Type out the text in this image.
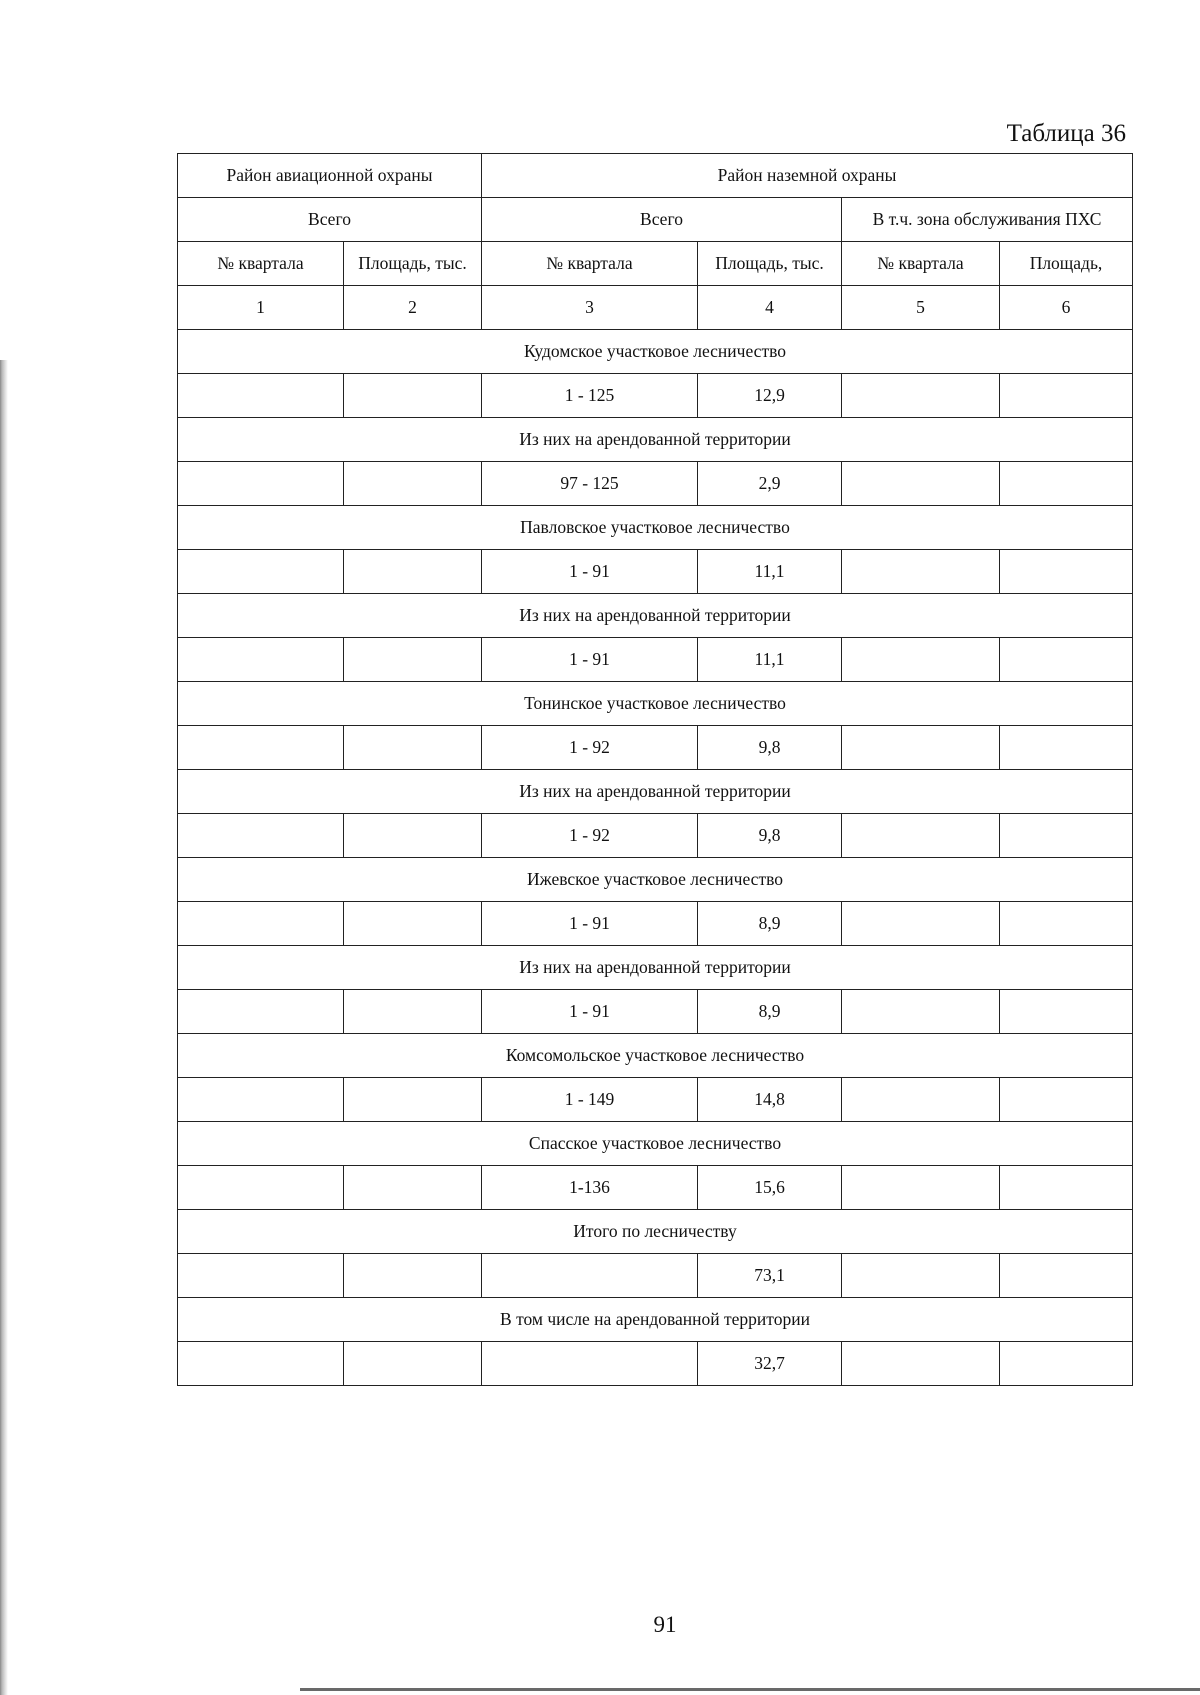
Таблица 36
Район авиационной охраны		Район наземной охраны			
Всего		Всего		В т.ч. зона обслуживания ПХС	
№ квартала	Площадь, тыс.	№ квартала	Площадь, тыс.	№ квартала	Площадь,
1	2	3	4	5	6
Кудомское участковое лесничество					
		1 - 125	12,9		
Из них на арендованной территории					
		97 - 125	2,9		
Павловское участковое лесничество					
		1 - 91	11,1		
Из них на арендованной территории					
		1 - 91	11,1		
Тонинское участковое лесничество					
		1 - 92	9,8		
Из них на арендованной территории					
		1 - 92	9,8		
Ижевское участковое лесничество					
		1 - 91	8,9		
Из них на арендованной территории					
		1 - 91	8,9		
Комсомольское участковое лесничество					
		1 - 149	14,8		
Спасское участковое лесничество					
		1-136	15,6		
Итого по лесничеству					
			73,1		
В том числе на арендованной территории					
			32,7		
91
